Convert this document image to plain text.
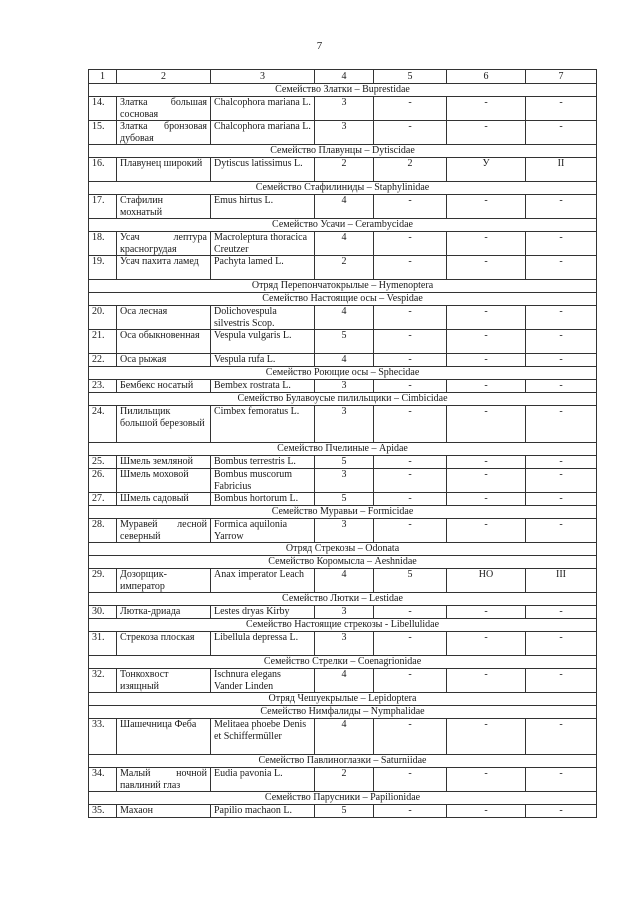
7
1	2	3	4	5	6	7
Семейство Златки – Buprestidae						
14.	Златка большая сосновая	Chalcophora mariana L.	3	-	-	-
15.	Златка бронзовая дубовая	Chalcophora mariana L.	3	-	-	-
Семейство Плавунцы – Dytiscidae						
16.	Плавунец широкий	Dytiscus latissimus L.	2	2	У	II
Семейство Стафилиниды – Staphylinidae						
17.	Стафилин мохнатый	Emus hirtus L.	4	-	-	-
Семейство Усачи – Cerambycidae						
18.	Усач лептура красногрудая	Macroleptura thoracica Creutzer	4	-	-	-
19.	Усач пахита ламед	Pachyta lamed L.	2	-	-	-
Отряд Перепончатокрылые – Hymenoptera						
Семейство Настоящие осы – Vespidae						
20.	Оса лесная	Dolichovespula silvestris Scop.	4	-	-	-
21.	Оса обыкновенная	Vespula vulgaris L.	5	-	-	-
22.	Оса рыжая	Vespula rufa L.	4	-	-	-
Семейство Роющие осы – Sphecidae						
23.	Бембекс носатый	Bembex rostrata L.	3	-	-	-
Семейство Булавоусые пилильщики – Cimbicidae						
24.	Пилильщик большой березовый	Cimbex femoratus L.	3	-	-	-
Семейство Пчелиные – Apidae						
25.	Шмель земляной	Bombus terrestris L.	5	-	-	-
26.	Шмель моховой	Bombus muscorum Fabricius	3	-	-	-
27.	Шмель садовый	Bombus hortorum L.	5	-	-	-
Семейство Муравьи – Formicidae						
28.	Муравей лесной северный	Formica aquilonia Yarrow	3	-	-	-
Отряд Стрекозы – Odonata						
Семейство Коромысла – Aeshnidae						
29.	Дозорщик-император	Anax imperator Leach	4	5	НО	III
Семейство Лютки – Lestidae						
30.	Лютка-дриада	Lestes dryas Kirby	3	-	-	-
Семейство Настоящие стрекозы - Libellulidae						
31.	Стрекоза плоская	Libellula depressa L.	3	-	-	-
Семейство Стрелки – Coenagrionidae						
32.	Тонкохвост изящный	Ischnura elegans Vander Linden	4	-	-	-
Отряд Чешуекрылые – Lepidoptera						
Семейство Нимфалиды – Nymphalidae						
33.	Шашечница Феба	Melitaea phoebe Denis et Schiffermüller	4	-	-	-
Семейство Павлиноглазки – Saturniidae						
34.	Малый ночной павлиний глаз	Eudia pavonia L.	2	-	-	-
Семейство Парусники – Papilionidae						
35.	Махаон	Papilio machaon L.	5	-	-	-
